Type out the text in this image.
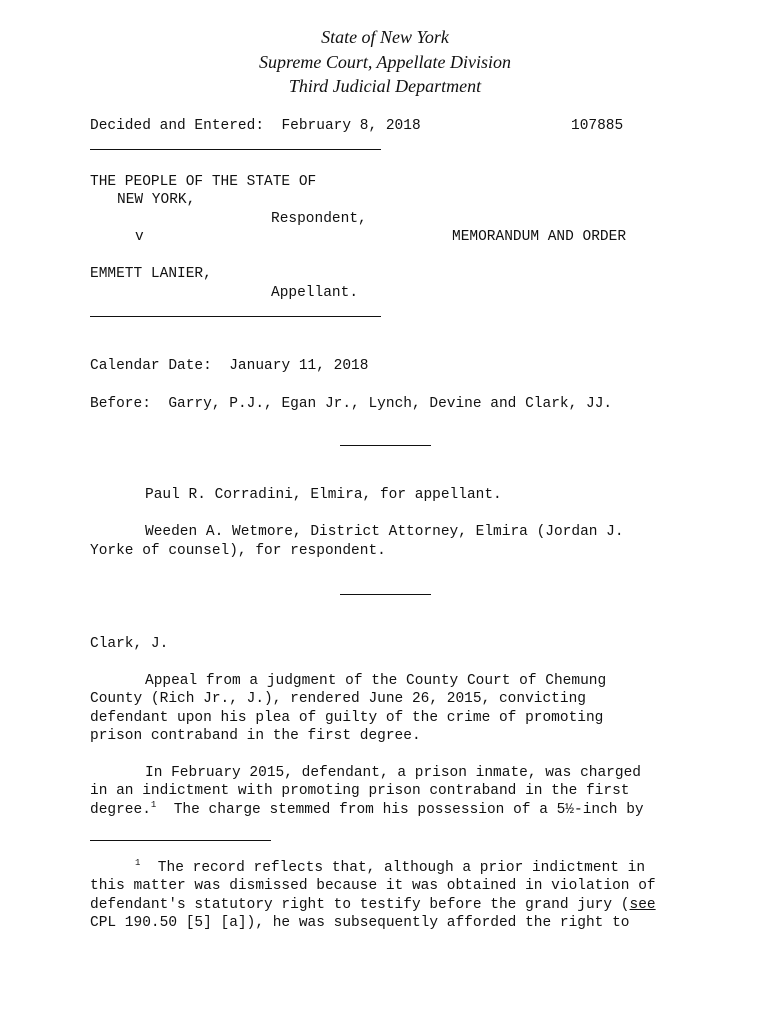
State of New York
Supreme Court, Appellate Division
Third Judicial Department
Decided and Entered: February 8, 2018	107885
THE PEOPLE OF THE STATE OF
NEW YORK,
Respondent,
v	MEMORANDUM AND ORDER
EMMETT LANIER,
Appellant.
Calendar Date: January 11, 2018
Before: Garry, P.J., Egan Jr., Lynch, Devine and Clark, JJ.
Paul R. Corradini, Elmira, for appellant.
Weeden A. Wetmore, District Attorney, Elmira (Jordan J.
Yorke of counsel), for respondent.
Clark, J.
Appeal from a judgment of the County Court of Chemung
County (Rich Jr., J.), rendered June 26, 2015, convicting
defendant upon his plea of guilty of the crime of promoting
prison contraband in the first degree.
In February 2015, defendant, a prison inmate, was charged
in an indictment with promoting prison contraband in the first
degree.$^1$  The charge stemmed from his possession of a 5½-inch by
$^1$  The record reflects that, although a prior indictment in
this matter was dismissed because it was obtained in violation of
defendant's statutory right to testify before the grand jury (see
CPL 190.50 [5] [a]), he was subsequently afforded the right to
